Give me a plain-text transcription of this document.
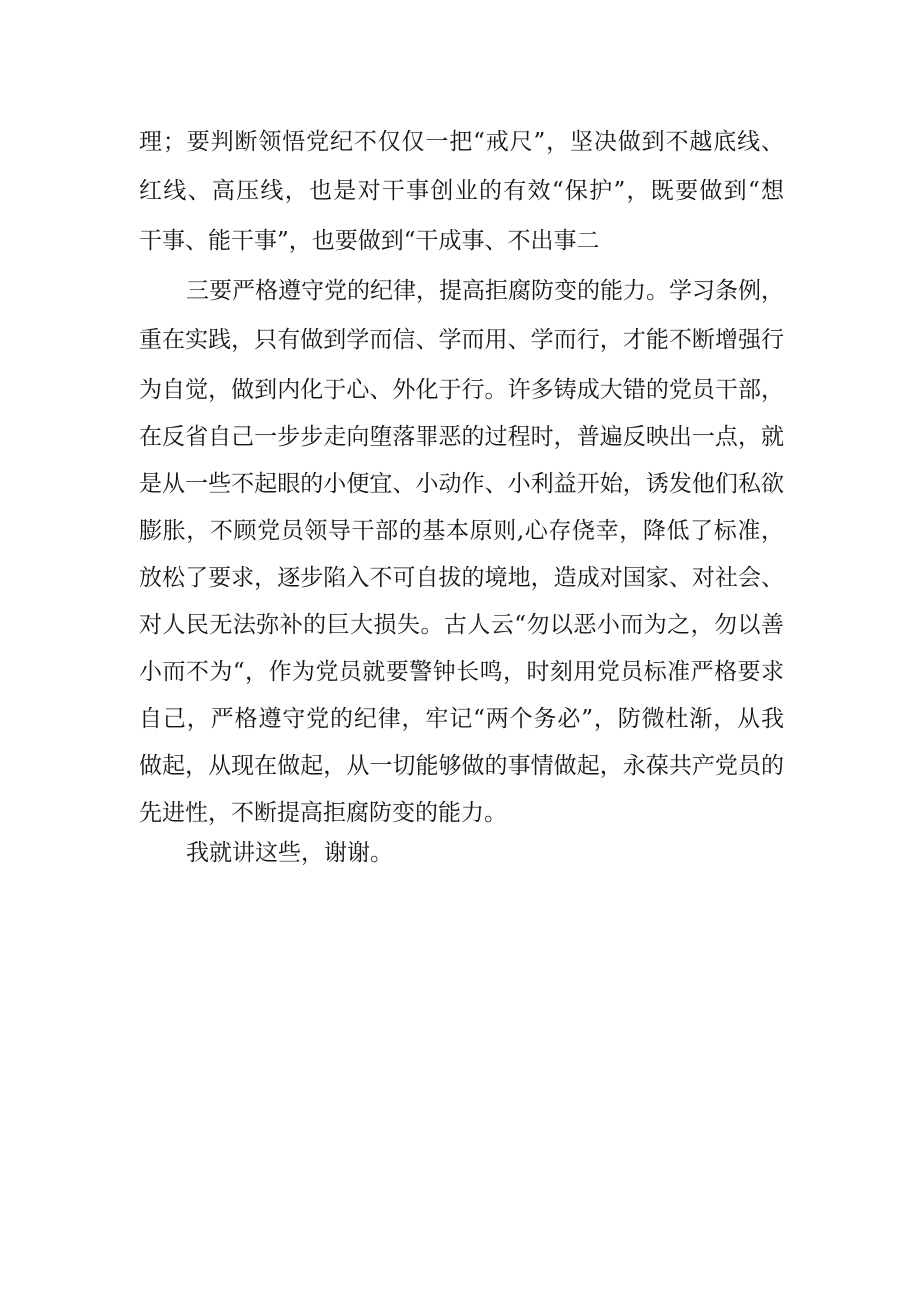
理；要判断领悟党纪不仅仅一把“戒尺”，坚决做到不越底线、
红线、高压线，也是对干事创业的有效“保护”，既要做到“想
干事、能干事”，也要做到“干成事、不出事二
三要严格遵守党的纪律，提高拒腐防变的能力。学习条例，
重在实践，只有做到学而信、学而用、学而行，才能不断增强行
为自觉，做到内化于心、外化于行。许多铸成大错的党员干部，
在反省自己一步步走向堕落罪恶的过程时，普遍反映出一点，就
是从一些不起眼的小便宜、小动作、小利益开始，诱发他们私欲
膨胀，不顾党员领导干部的基本原则,心存侥幸，降低了标准，
放松了要求，逐步陷入不可自拔的境地，造成对国家、对社会、
对人民无法弥补的巨大损失。古人云“勿以恶小而为之，勿以善
小而不为“，作为党员就要警钟长鸣，时刻用党员标准严格要求
自己，严格遵守党的纪律，牢记“两个务必”，防微杜渐，从我
做起，从现在做起，从一切能够做的事情做起，永葆共产党员的
先进性，不断提高拒腐防变的能力。
我就讲这些，谢谢。
